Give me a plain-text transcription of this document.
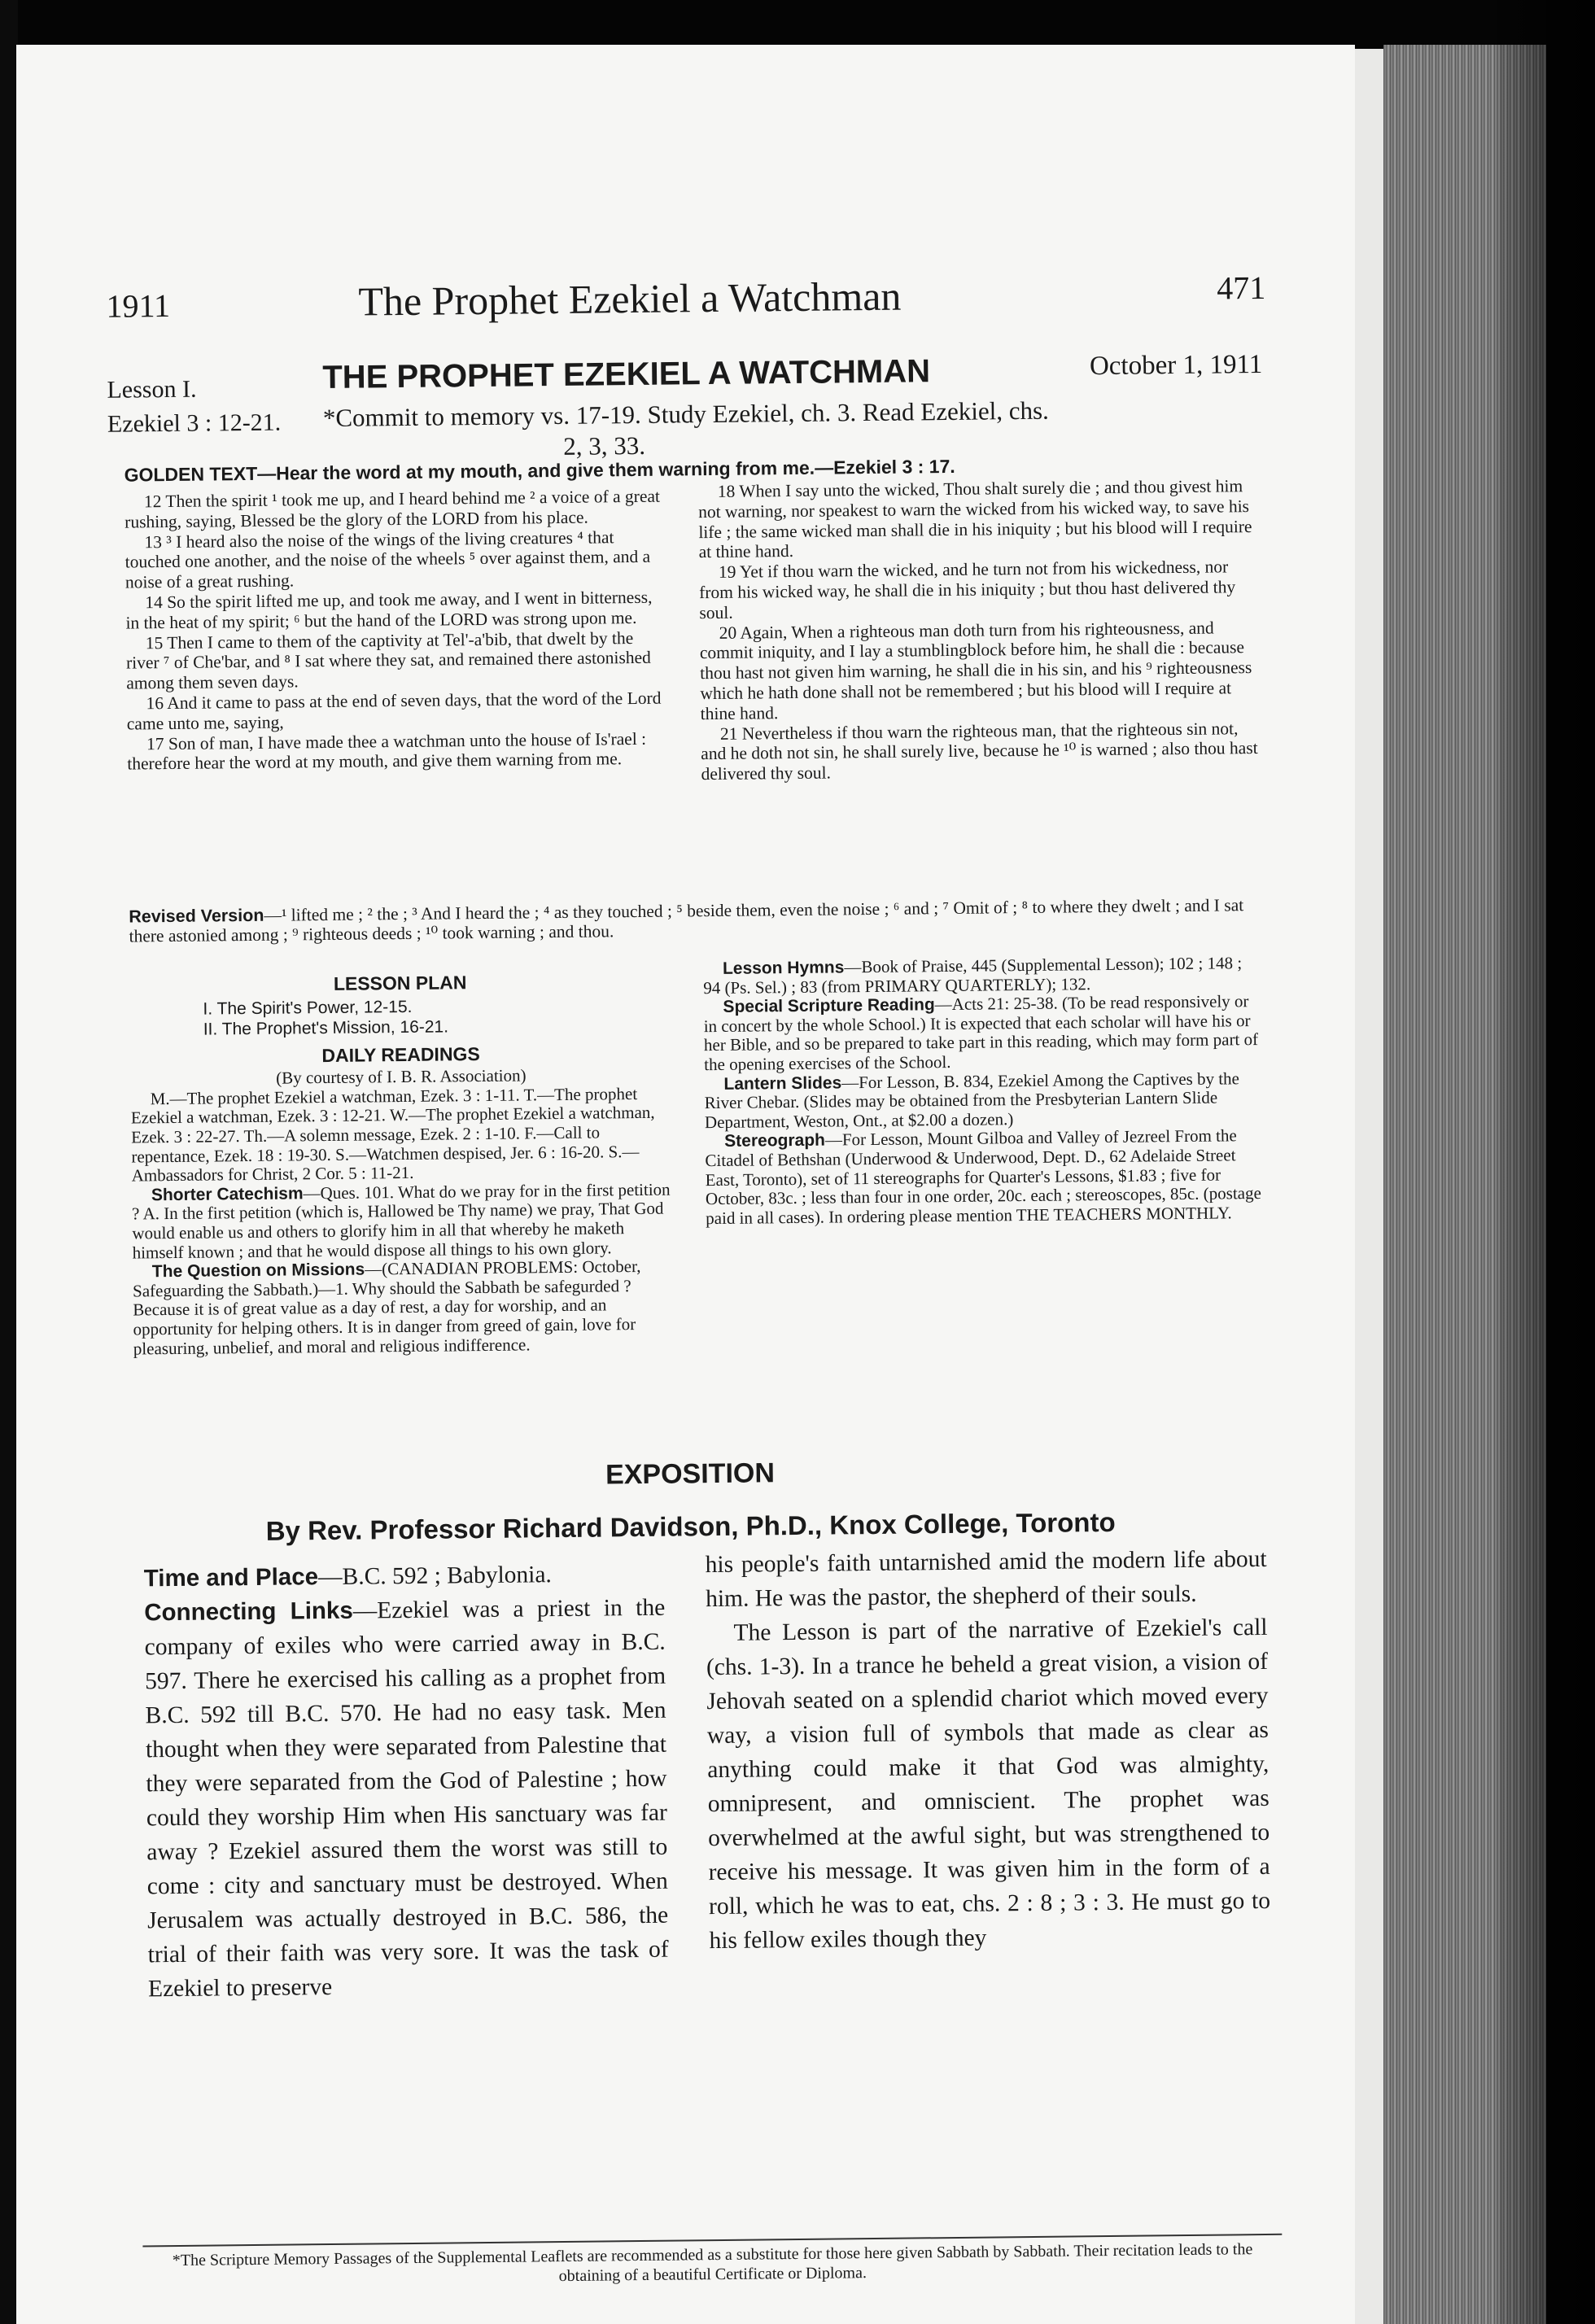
1911	The Prophet Ezekiel a Watchman	471
Lesson I.	THE PROPHET EZEKIEL A WATCHMAN	October 1, 1911
Ezekiel 3 : 12-21. *Commit to memory vs. 17-19. Study Ezekiel, ch. 3. Read Ezekiel, chs.
2, 3, 33.
GOLDEN TEXT—Hear the word at my mouth, and give them warning from me.—Ezekiel 3 : 17.

12 Then the spirit ¹ took me up, and I heard behind me ² a voice of a great rushing, saying, Blessed be the glory of the LORD from his place.

13 ³ I heard also the noise of the wings of the living creatures ⁴ that touched one another, and the noise of the wheels ⁵ over against them, and a noise of a great rushing.

14 So the spirit lifted me up, and took me away, and I went in bitterness, in the heat of my spirit; ⁶ but the hand of the LORD was strong upon me.

15 Then I came to them of the captivity at Tel'-a'bib, that dwelt by the river ⁷ of Che'bar, and ⁸ I sat where they sat, and remained there astonished among them seven days.

16 And it came to pass at the end of seven days, that the word of the Lord came unto me, saying,

17 Son of man, I have made thee a watchman unto the house of Is'rael : therefore hear the word at my mouth, and give them warning from me.

18 When I say unto the wicked, Thou shalt surely die ; and thou givest him not warning, nor speakest to warn the wicked from his wicked way, to save his life ; the same wicked man shall die in his iniquity ; but his blood will I require at thine hand.

19 Yet if thou warn the wicked, and he turn not from his wickedness, nor from his wicked way, he shall die in his iniquity ; but thou hast delivered thy soul.

20 Again, When a righteous man doth turn from his righteousness, and commit iniquity, and I lay a stumblingblock before him, he shall die : because thou hast not given him warning, he shall die in his sin, and his ⁹ righteousness which he hath done shall not be remembered ; but his blood will I require at thine hand.

21 Nevertheless if thou warn the righteous man, that the righteous sin not, and he doth not sin, he shall surely live, because he ¹⁰ is warned ; also thou hast delivered thy soul.

Revised Version—¹ lifted me ; ² the ; ³ And I heard the ; ⁴ as they touched ; ⁵ beside them, even the noise ; ⁶ and ; ⁷ Omit of ; ⁸ to where they dwelt ; and I sat there astonied among ; ⁹ righteous deeds ; ¹⁰ took warning ; and thou.
LESSON PLAN
I. The Spirit's Power, 12-15.
II. The Prophet's Mission, 16-21.
DAILY READINGS

(By courtesy of I. B. R. Association)

M.—The prophet Ezekiel a watchman, Ezek. 3 : 1-11. T.—The prophet Ezekiel a watchman, Ezek. 3 : 12-21. W.—The prophet Ezekiel a watchman, Ezek. 3 : 22-27. Th.—A solemn message, Ezek. 2 : 1-10. F.—Call to repentance, Ezek. 18 : 19-30. S.—Watchmen despised, Jer. 6 : 16-20. S.—Ambassadors for Christ, 2 Cor. 5 : 11-21.

Shorter Catechism—Ques. 101. What do we pray for in the first petition ? A. In the first petition (which is, Hallowed be Thy name) we pray, That God would enable us and others to glorify him in all that whereby he maketh himself known ; and that he would dispose all things to his own glory.

The Question on Missions—(CANADIAN PROBLEMS: October, Safeguarding the Sabbath.)—1. Why should the Sabbath be safegurded ? Because it is of great value as a day of rest, a day for worship, and an opportunity for helping others. It is in danger from greed of gain, love for pleasuring, unbelief, and moral and religious indifference.

Lesson Hymns—Book of Praise, 445 (Supplemental Lesson); 102 ; 148 ; 94 (Ps. Sel.) ; 83 (from PRIMARY QUARTERLY); 132.

Special Scripture Reading—Acts 21: 25-38. (To be read responsively or in concert by the whole School.) It is expected that each scholar will have his or her Bible, and so be prepared to take part in this reading, which may form part of the opening exercises of the School.

Lantern Slides—For Lesson, B. 834, Ezekiel Among the Captives by the River Chebar. (Slides may be obtained from the Presbyterian Lantern Slide Department, Weston, Ont., at $2.00 a dozen.)

Stereograph—For Lesson, Mount Gilboa and Valley of Jezreel From the Citadel of Bethshan (Underwood & Underwood, Dept. D., 62 Adelaide Street East, Toronto), set of 11 stereographs for Quarter's Lessons, $1.83 ; five for October, 83c. ; less than four in one order, 20c. each ; stereoscopes, 85c. (postage paid in all cases). In ordering please mention THE TEACHERS MONTHLY.

EXPOSITION
By Rev. Professor Richard Davidson, Ph.D., Knox College, Toronto

Time and Place—B.C. 592 ; Babylonia.

Connecting Links—Ezekiel was a priest in the company of exiles who were carried away in B.C. 597. There he exercised his calling as a prophet from B.C. 592 till B.C. 570. He had no easy task. Men thought when they were separated from Palestine that they were separated from the God of Palestine ; how could they worship Him when His sanctuary was far away ? Ezekiel assured them the worst was still to come : city and sanctuary must be destroyed. When Jerusalem was actually destroyed in B.C. 586, the trial of their faith was very sore. It was the task of Ezekiel to preserve

his people's faith untarnished amid the modern life about him. He was the pastor, the shepherd of their souls.

The Lesson is part of the narrative of Ezekiel's call (chs. 1-3). In a trance he beheld a great vision, a vision of Jehovah seated on a splendid chariot which moved every way, a vision full of symbols that made as clear as anything could make it that God was almighty, omnipresent, and omniscient. The prophet was overwhelmed at the awful sight, but was strengthened to receive his message. It was given him in the form of a roll, which he was to eat, chs. 2 : 8 ; 3 : 3. He must go to his fellow exiles though they

*The Scripture Memory Passages of the Supplemental Leaflets are recommended as a substitute for those here given Sabbath by Sabbath. Their recitation leads to the obtaining of a beautiful Certificate or Diploma.
